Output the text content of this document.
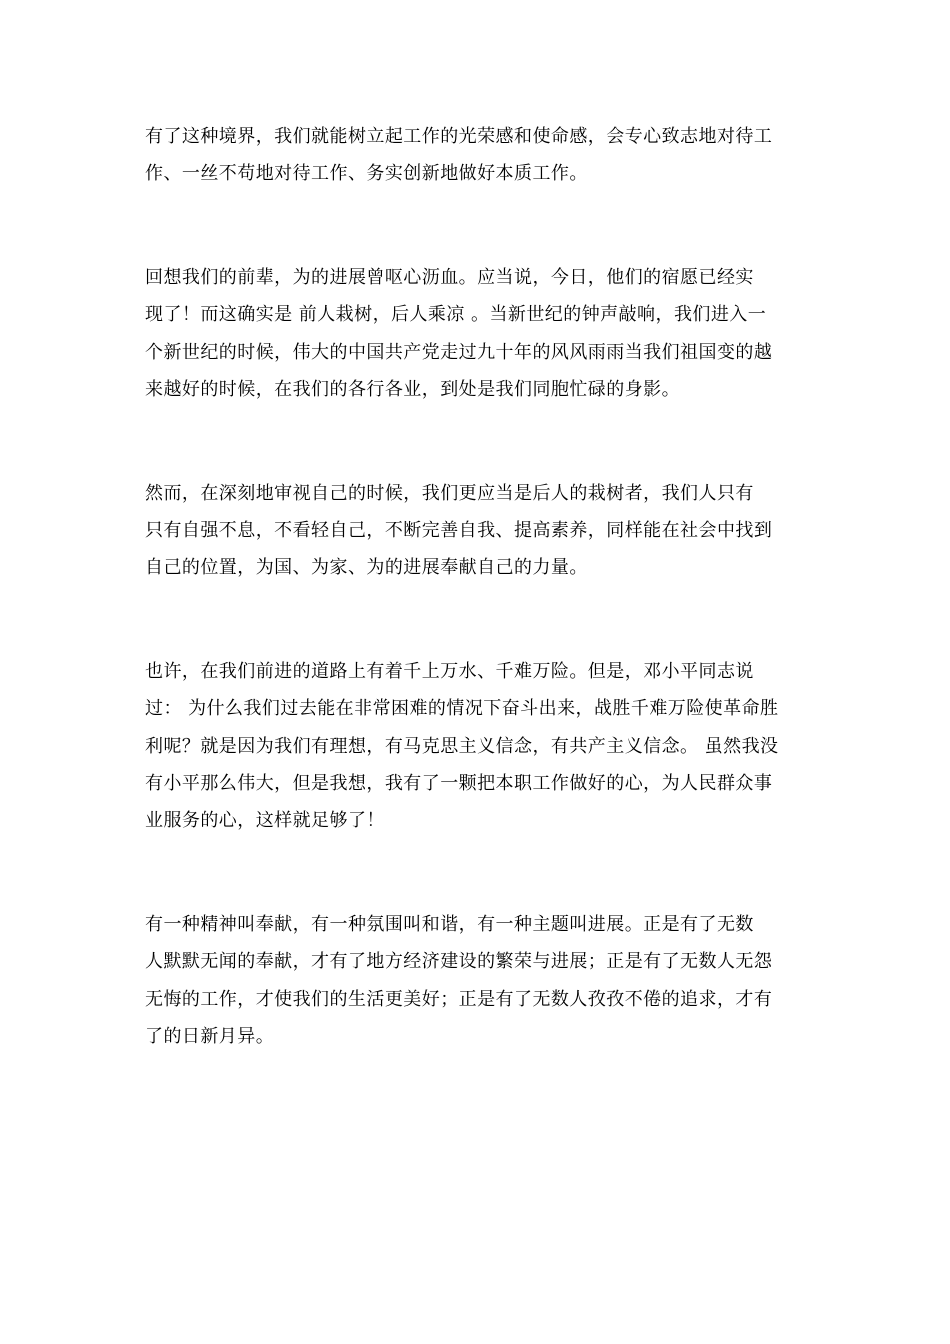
有了这种境界，我们就能树立起工作的光荣感和使命感，会专心致志地对待工
作、一丝不苟地对待工作、务实创新地做好本质工作。
回想我们的前辈，为的进展曾呕心沥血。应当说，今日，他们的宿愿已经实
现了！而这确实是 前人栽树，后人乘凉 。当新世纪的钟声敲响，我们进入一
个新世纪的时候，伟大的中国共产党走过九十年的风风雨雨当我们祖国变的越
来越好的时候，在我们的各行各业，到处是我们同胞忙碌的身影。
然而，在深刻地审视自己的时候，我们更应当是后人的栽树者，我们人只有
只有自强不息，不看轻自己，不断完善自我、提高素养，同样能在社会中找到
自己的位置，为国、为家、为的进展奉献自己的力量。
也许，在我们前进的道路上有着千上万水、千难万险。但是，邓小平同志说
过： 为什么我们过去能在非常困难的情况下奋斗出来，战胜千难万险使革命胜
利呢？就是因为我们有理想，有马克思主义信念，有共产主义信念。 虽然我没
有小平那么伟大，但是我想，我有了一颗把本职工作做好的心，为人民群众事
业服务的心，这样就足够了！
有一种精神叫奉献，有一种氛围叫和谐，有一种主题叫进展。正是有了无数
人默默无闻的奉献，才有了地方经济建设的繁荣与进展；正是有了无数人无怨
无悔的工作，才使我们的生活更美好；正是有了无数人孜孜不倦的追求，才有
了的日新月异。
